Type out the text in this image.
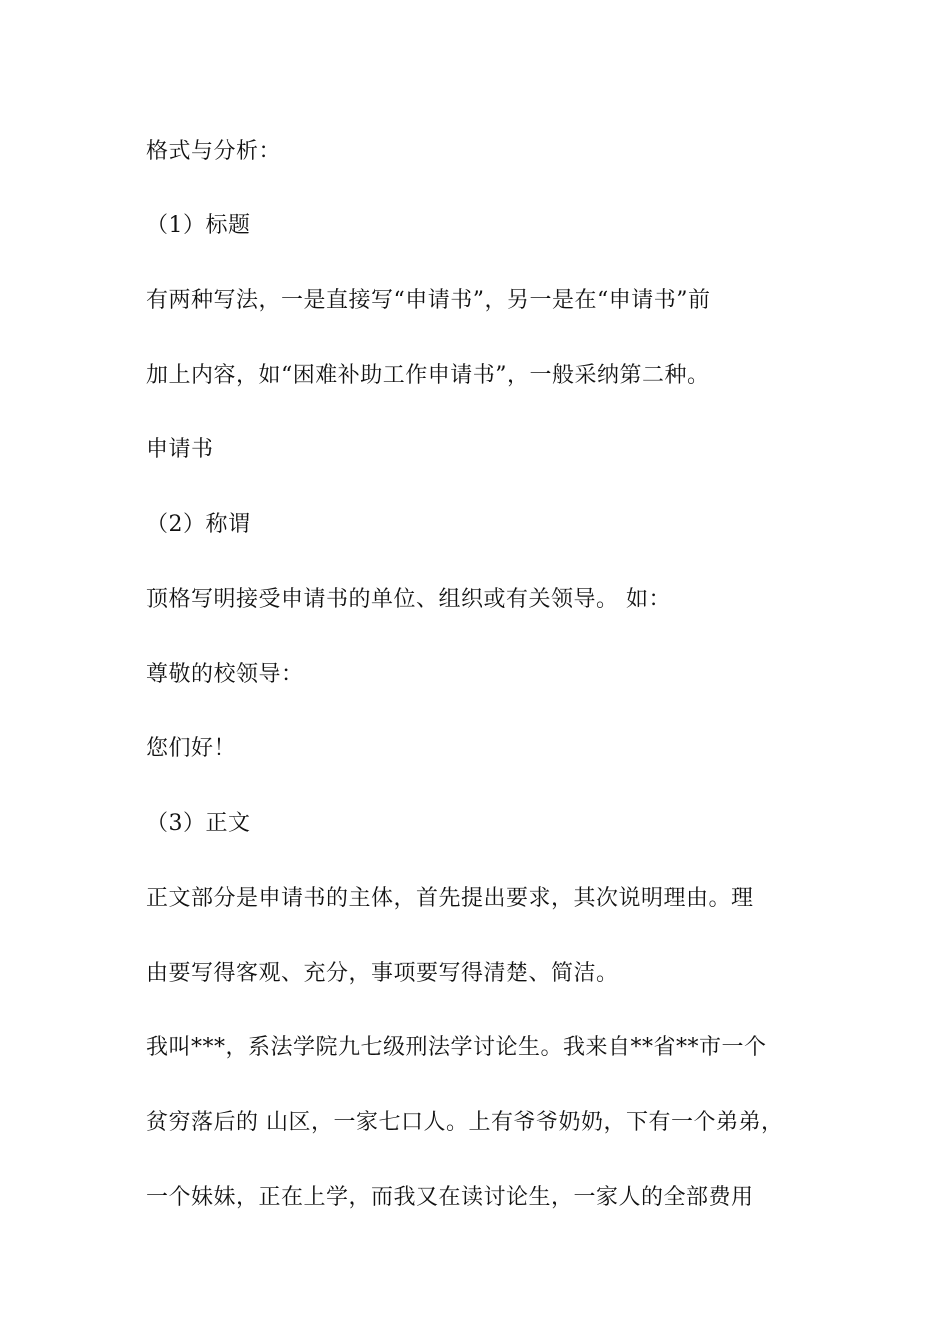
格式与分析：
（1）标题
有两种写法，一是直接写“申请书”，另一是在“申请书”前
加上内容，如“困难补助工作申请书”，一般采纳第二种。
申请书
（2）称谓
顶格写明接受申请书的单位、组织或有关领导。 如：
尊敬的校领导：
您们好！
（3）正文
正文部分是申请书的主体，首先提出要求，其次说明理由。理
由要写得客观、充分，事项要写得清楚、简洁。
我叫***，系法学院九七级刑法学讨论生。我来自**省**市一个
贫穷落后的 山区，一家七口人。上有爷爷奶奶，下有一个弟弟，
一个妹妹，正在上学，而我又在读讨论生，一家人的全部费用
